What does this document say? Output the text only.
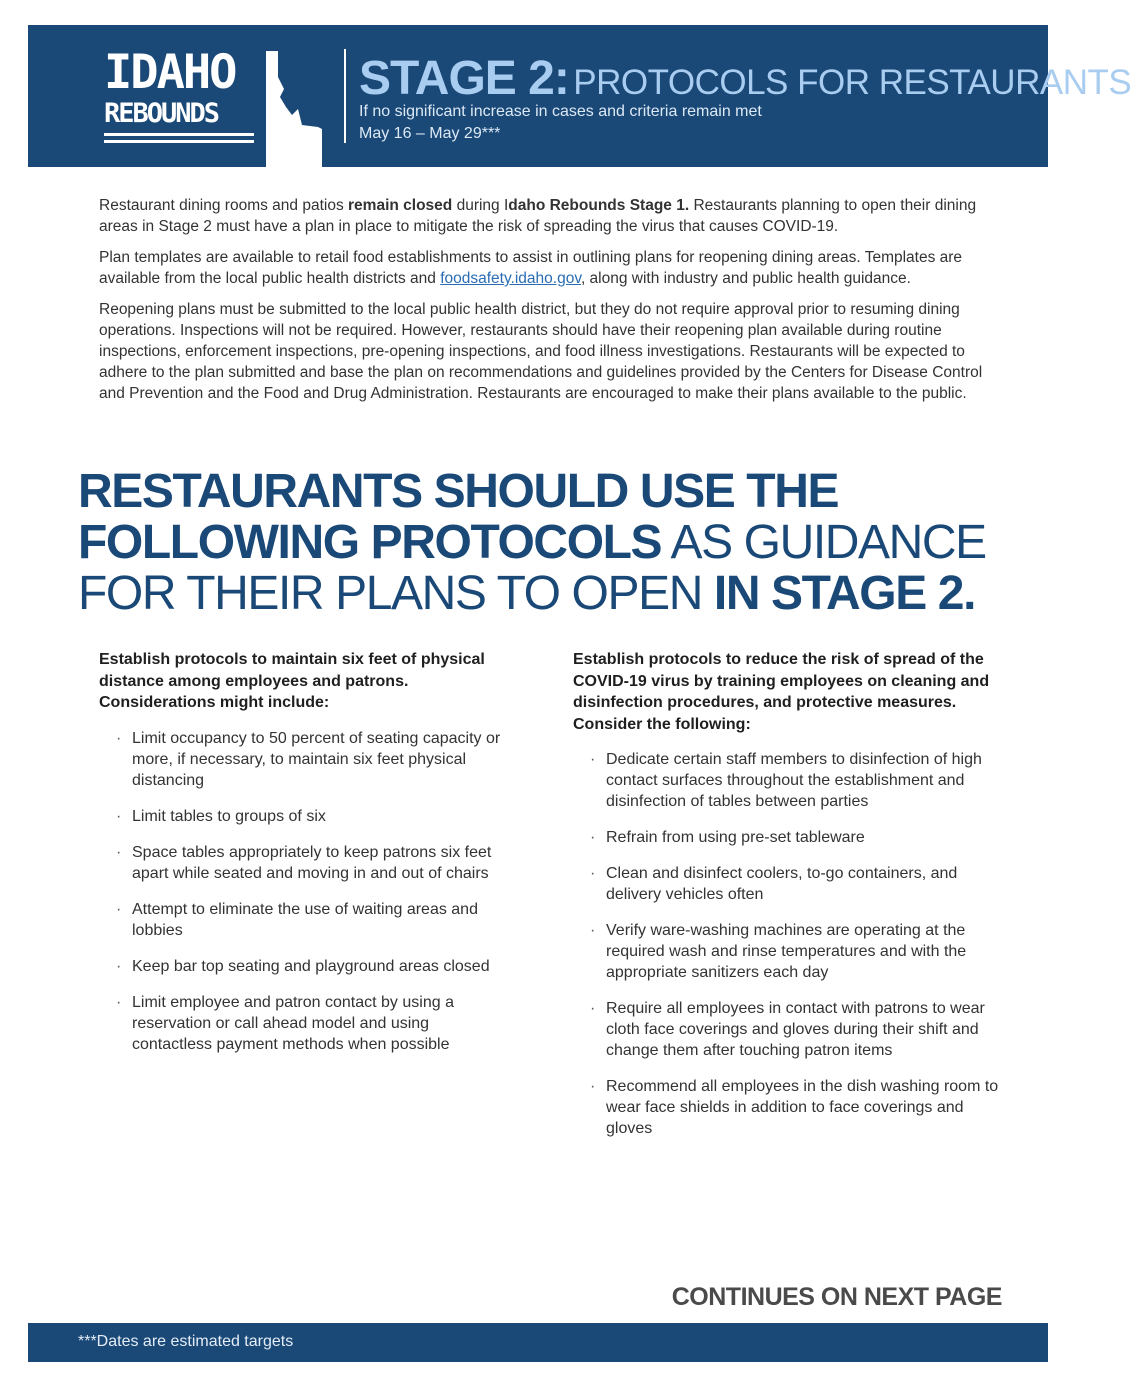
IDAHO
REBOUNDS
STAGE 2: PROTOCOLS FOR RESTAURANTS
If no significant increase in cases and criteria remain met
May 16 – May 29***

Restaurant dining rooms and patios remain closed during Idaho Rebounds Stage 1. Restaurants planning to open their dining areas in Stage 2 must have a plan in place to mitigate the risk of spreading the virus that causes COVID-19.

Plan templates are available to retail food establishments to assist in outlining plans for reopening dining areas. Templates are available from the local public health districts and foodsafety.idaho.gov, along with industry and public health guidance.

Reopening plans must be submitted to the local public health district, but they do not require approval prior to resuming dining operations. Inspections will not be required. However, restaurants should have their reopening plan available during routine inspections, enforcement inspections, pre-opening inspections, and food illness investigations. Restaurants will be expected to adhere to the plan submitted and base the plan on recommendations and guidelines provided by the Centers for Disease Control and Prevention and the Food and Drug Administration. Restaurants are encouraged to make their plans available to the public.

RESTAURANTS SHOULD USE THE FOLLOWING PROTOCOLS AS GUIDANCE FOR THEIR PLANS TO OPEN IN STAGE 2.
Establish protocols to maintain six feet of physical distance among employees and patrons. Considerations might include:
· Limit occupancy to 50 percent of seating capacity or more, if necessary, to maintain six feet physical distancing
· Limit tables to groups of six
· Space tables appropriately to keep patrons six feet apart while seated and moving in and out of chairs
· Attempt to eliminate the use of waiting areas and lobbies
· Keep bar top seating and playground areas closed
· Limit employee and patron contact by using a reservation or call ahead model and using contactless payment methods when possible
Establish protocols to reduce the risk of spread of the COVID-19 virus by training employees on cleaning and disinfection procedures, and protective measures. Consider the following:
· Dedicate certain staff members to disinfection of high contact surfaces throughout the establishment and disinfection of tables between parties
· Refrain from using pre-set tableware
· Clean and disinfect coolers, to-go containers, and delivery vehicles often
· Verify ware-washing machines are operating at the required wash and rinse temperatures and with the appropriate sanitizers each day
· Require all employees in contact with patrons to wear cloth face coverings and gloves during their shift and change them after touching patron items
· Recommend all employees in the dish washing room to wear face shields in addition to face coverings and gloves
CONTINUES ON NEXT PAGE
***Dates are estimated targets
